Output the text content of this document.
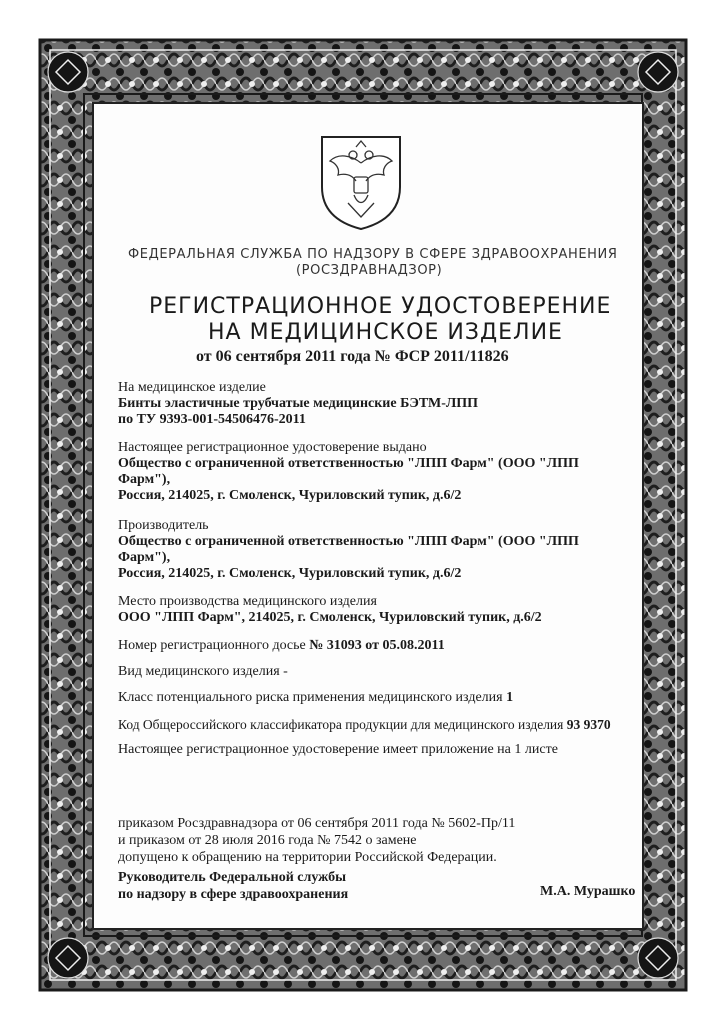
ФЕДЕРАЛЬНАЯ СЛУЖБА ПО НАДЗОРУ В СФЕРЕ ЗДРАВООХРАНЕНИЯ
(РОСЗДРАВНАДЗОР)
РЕГИСТРАЦИОННОЕ УДОСТОВЕРЕНИЕ
НА МЕДИЦИНСКОЕ ИЗДЕЛИЕ
от 06 сентября 2011 года № ФСР 2011/11826
На медицинское изделие
Бинты эластичные трубчатые медицинские БЭТМ-ЛПП
по ТУ 9393-001-54506476-2011
Настоящее регистрационное удостоверение выдано
Общество с ограниченной ответственностью "ЛПП Фарм" (ООО "ЛПП
Фарм"),
Россия, 214025, г. Смоленск, Чуриловский тупик, д.6/2
Производитель
Общество с ограниченной ответственностью "ЛПП Фарм" (ООО "ЛПП
Фарм"),
Россия, 214025, г. Смоленск, Чуриловский тупик, д.6/2
Место производства медицинского изделия
ООО "ЛПП Фарм", 214025, г. Смоленск, Чуриловский тупик, д.6/2
Номер регистрационного досье № 31093 от 05.08.2011
Вид медицинского изделия -
Класс потенциального риска применения медицинского изделия 1
Код Общероссийского классификатора продукции для медицинского изделия 93 9370
Настоящее регистрационное удостоверение имеет приложение на 1 листе
приказом Росздравнадзора от 06 сентября 2011 года № 5602-Пр/11
и приказом от 28 июля 2016 года № 7542 о замене
допущено к обращению на территории Российской Федерации.
Руководитель Федеральной службы
по надзору в сфере здравоохранения	М.А. Мурашко
